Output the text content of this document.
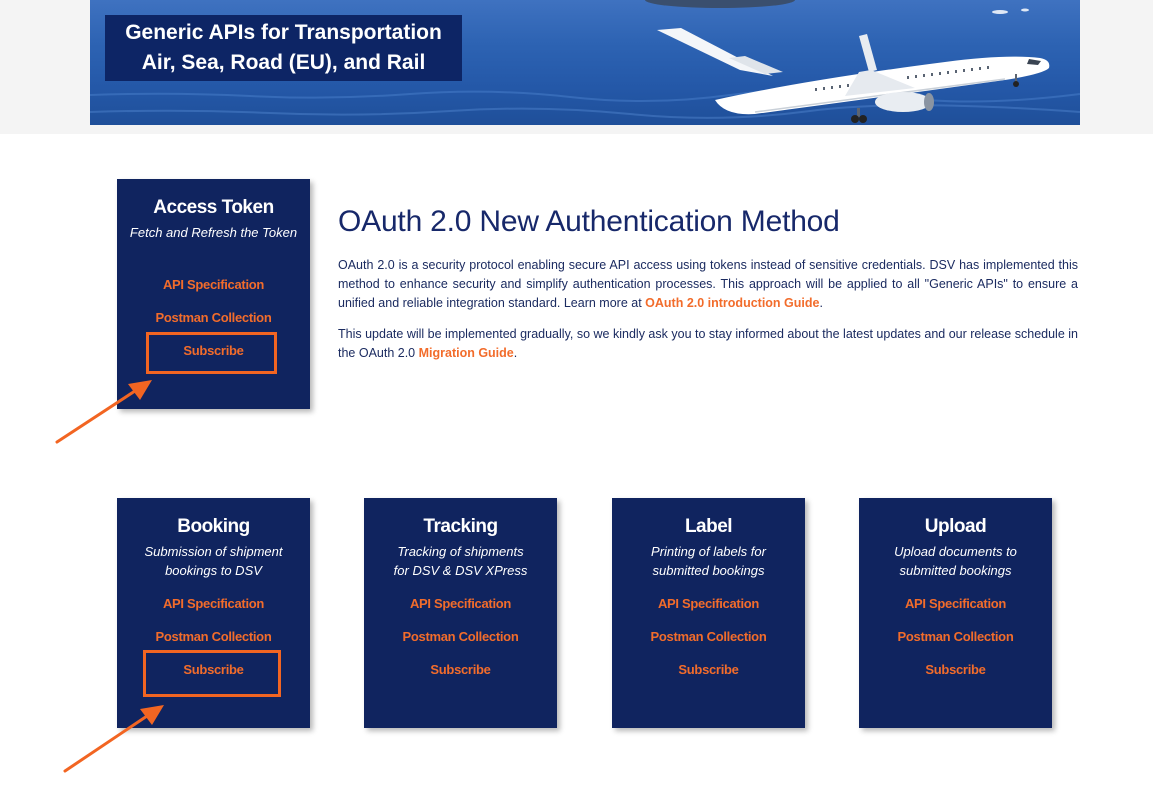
Generic APIs for Transportation
Air, Sea, Road (EU), and Rail
Access Token
Fetch and Refresh the Token
API Specification
Postman Collection
Subscribe
OAuth 2.0 New Authentication Method

OAuth 2.0 is a security protocol enabling secure API access using tokens instead of sensitive credentials. DSV has implemented this method to enhance security and simplify authentication processes. This approach will be applied to all "Generic APIs" to ensure a unified and reliable integration standard. Learn more at OAuth 2.0 introduction Guide.

This update will be implemented gradually, so we kindly ask you to stay informed about the latest updates and our release schedule in the OAuth 2.0 Migration Guide.

Booking
Submission of shipment
bookings to DSV
API Specification
Postman Collection
Subscribe
Tracking
Tracking of shipments
for DSV & DSV XPress
API Specification
Postman Collection
Subscribe
Label
Printing of labels for
submitted bookings
API Specification
Postman Collection
Subscribe
Upload
Upload documents to
submitted bookings
API Specification
Postman Collection
Subscribe
